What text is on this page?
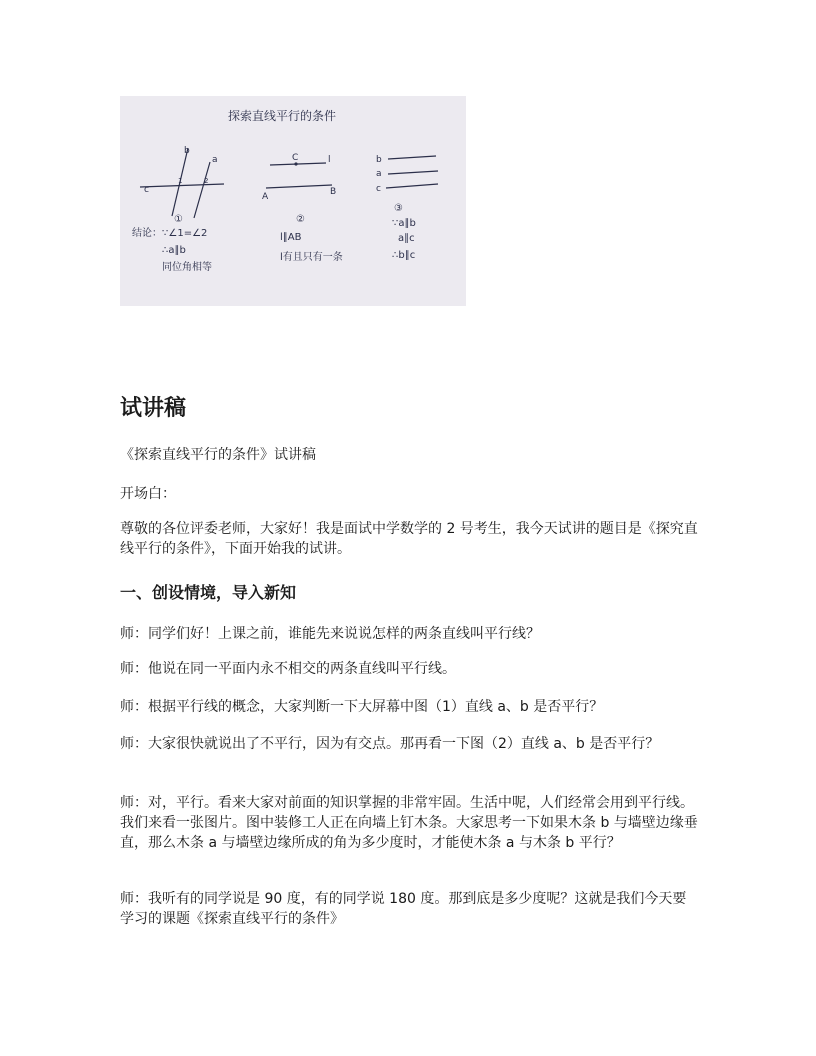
探索直线平行的条件
b
a
c
1	2
①
结论：∵∠1=∠2
∴a∥b
同位角相等
C	l
A	B
②
l∥AB
l有且只有一条
b
a
c
③
∵a∥b
a∥c
∴b∥c
试讲稿

《探索直线平行的条件》试讲稿

开场白：

尊敬的各位评委老师，大家好！我是面试中学数学的 2 号考生，我今天试讲的题目是《探究直线平行的条件》，下面开始我的试讲。

一、创设情境，导入新知

师：同学们好！上课之前，谁能先来说说怎样的两条直线叫平行线？

师：他说在同一平面内永不相交的两条直线叫平行线。

师：根据平行线的概念，大家判断一下大屏幕中图（1）直线 a、b 是否平行？

师：大家很快就说出了不平行，因为有交点。那再看一下图（2）直线 a、b 是否平行？

师：对，平行。看来大家对前面的知识掌握的非常牢固。生活中呢，人们经常会用到平行线。我们来看一张图片。图中装修工人正在向墙上钉木条。大家思考一下如果木条 b 与墙壁边缘垂直，那么木条 a 与墙壁边缘所成的角为多少度时，才能使木条 a 与木条 b 平行？

师：我听有的同学说是 90 度，有的同学说 180 度。那到底是多少度呢？这就是我们今天要学习的课题《探索直线平行的条件》
